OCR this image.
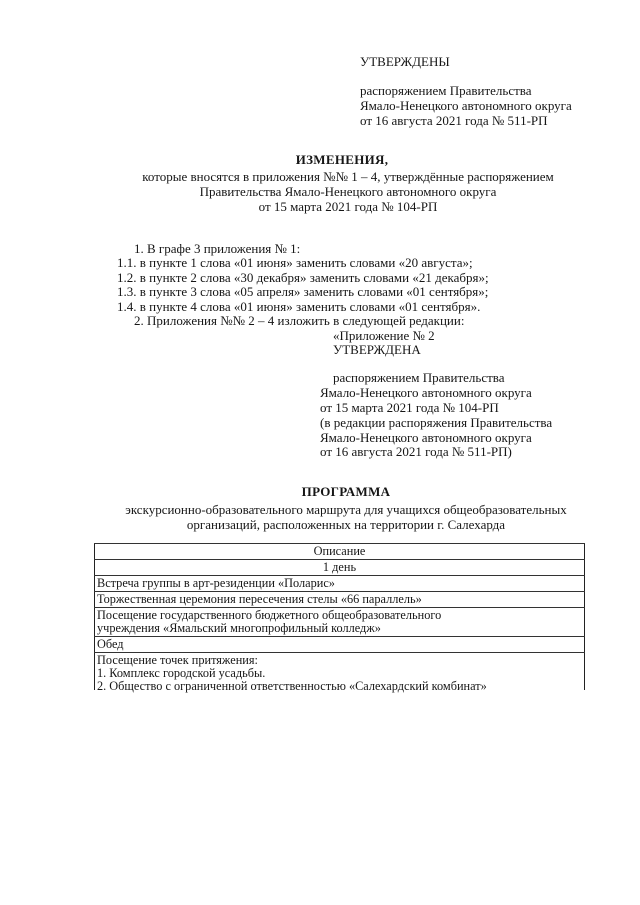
УТВЕРЖДЕНЫ
распоряжением Правительства
Ямало-Ненецкого автономного округа
от 16 августа 2021 года № 511-РП
ИЗМЕНЕНИЯ,
которые вносятся в приложения №№ 1 – 4, утверждённые распоряжением
Правительства Ямало-Ненецкого автономного округа
от 15 марта 2021 года № 104-РП
1. В графе 3 приложения № 1:
1.1. в пункте 1 слова «01 июня» заменить словами «20 августа»;
1.2. в пункте 2 слова «30 декабря» заменить словами «21 декабря»;
1.3. в пункте 3 слова «05 апреля» заменить словами «01 сентября»;
1.4. в пункте 4 слова «01 июня» заменить словами «01 сентября».
2. Приложения №№ 2 – 4 изложить в следующей редакции:
«Приложение № 2
УТВЕРЖДЕНА
распоряжением Правительства
Ямало-Ненецкого автономного округа
от 15 марта 2021 года № 104-РП
(в редакции распоряжения Правительства
Ямало-Ненецкого автономного округа
от 16 августа 2021 года № 511-РП)
ПРОГРАММА
экскурсионно-образовательного маршрута для учащихся общеобразовательных
организаций, расположенных на территории г. Салехарда
Описание
1 день
Встреча группы в арт-резиденции «Поларис»
Торжественная церемония пересечения стелы «66 параллель»
Посещение государственного бюджетного общеобразовательного
учреждения «Ямальский многопрофильный колледж»
Обед
Посещение точек притяжения:
1. Комплекс городской усадьбы.
2. Общество с ограниченной ответственностью «Салехардский комбинат»
